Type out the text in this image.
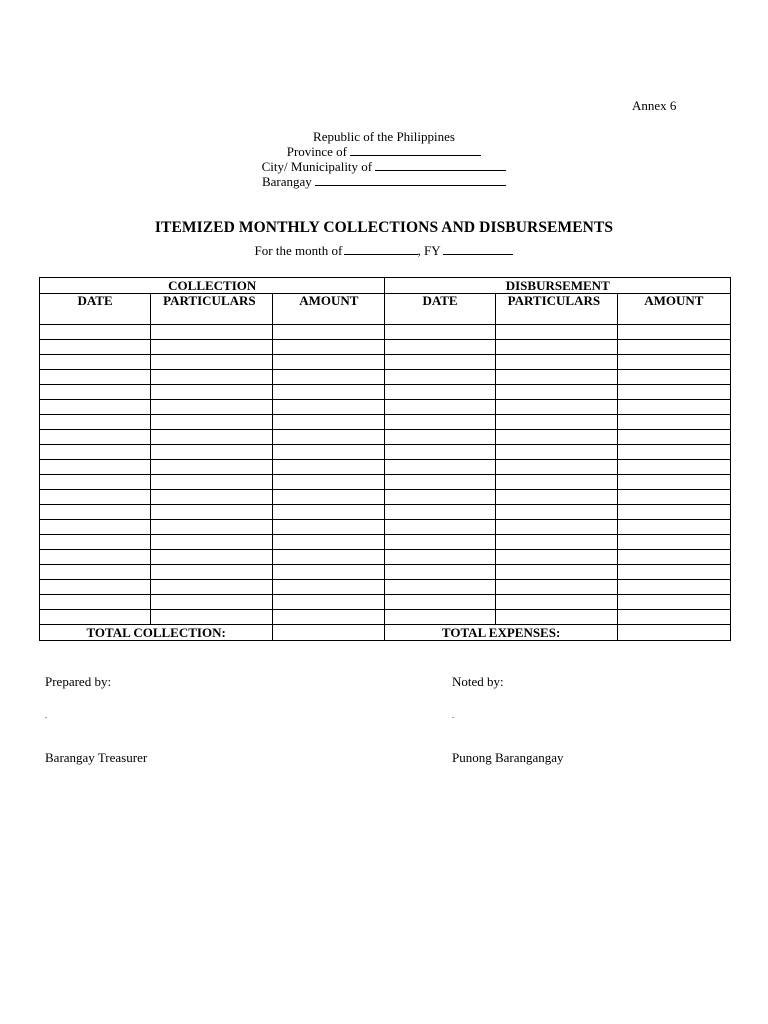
Annex 6
Republic of the Philippines
Province of
City/ Municipality of
Barangay
ITEMIZED MONTHLY COLLECTIONS AND DISBURSEMENTS
For the month of	, FY
COLLECTION			DISBURSEMENT		
DATE	PARTICULARS	AMOUNT	DATE	PARTICULARS	AMOUNT

TOTAL COLLECTION:			TOTAL EXPENSES:		
Prepared by:
.
Barangay Treasurer
Noted by:
.
Punong Barangangay
